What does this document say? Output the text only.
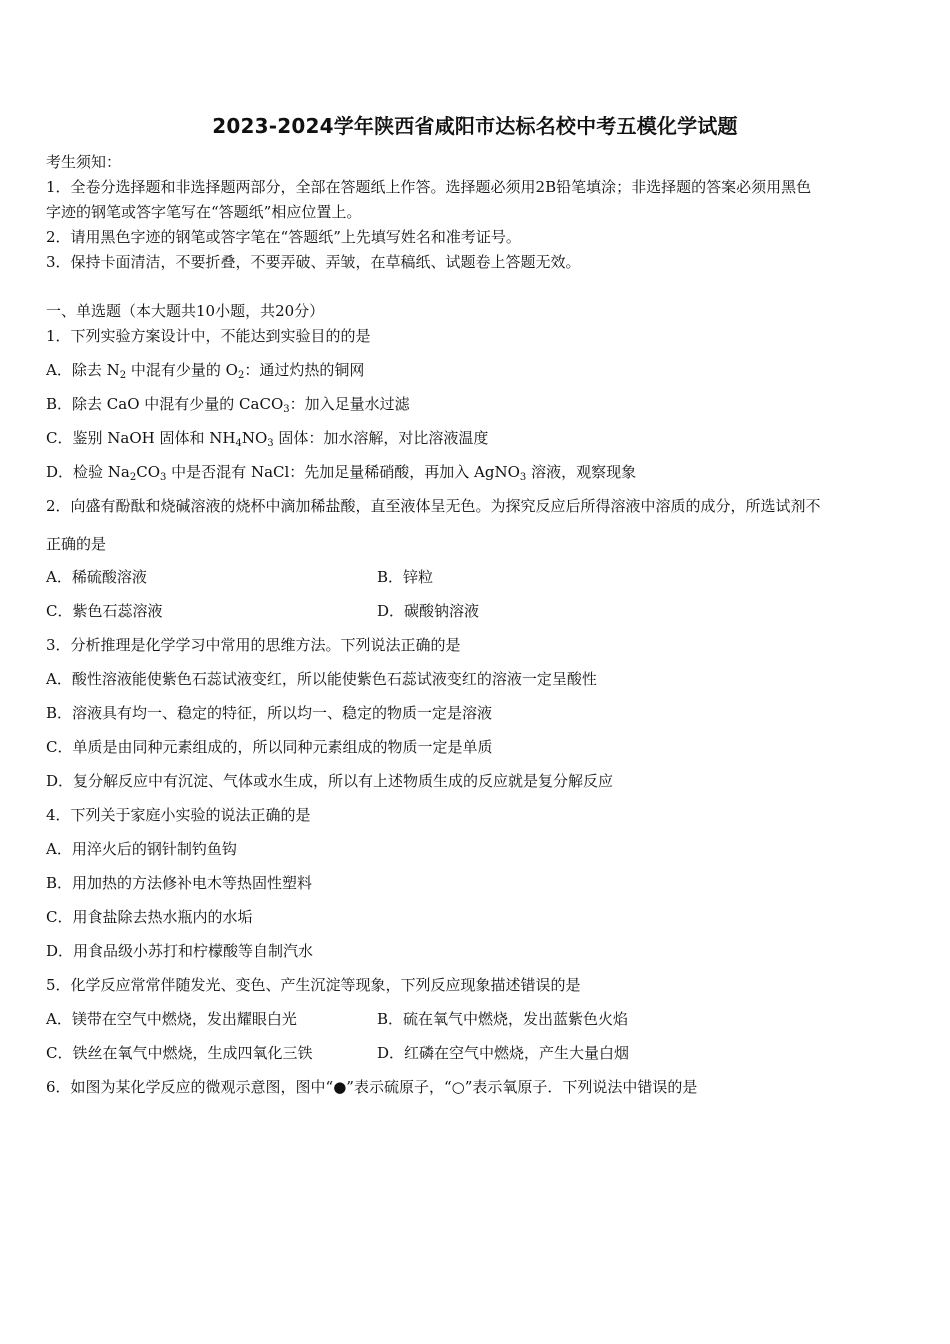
2023-2024学年陕西省咸阳市达标名校中考五模化学试题
考生须知：
1．全卷分选择题和非选择题两部分，全部在答题纸上作答。选择题必须用2B铅笔填涂；非选择题的答案必须用黑色
字迹的钢笔或答字笔写在“答题纸”相应位置上。
2．请用黑色字迹的钢笔或答字笔在“答题纸”上先填写姓名和准考证号。
3．保持卡面清洁，不要折叠，不要弄破、弄皱，在草稿纸、试题卷上答题无效。
一、单选题（本大题共10小题，共20分）
1．下列实验方案设计中，不能达到实验目的的是
A．除去 $N_2$ 中混有少量的 $O_2$：通过灼热的铜网
B．除去 CaO 中混有少量的 CaCO$_3$：加入足量水过滤
C．鉴别 NaOH 固体和 $NH_4NO_3$ 固体：加水溶解，对比溶液温度
D．检验 $Na_2CO_3$ 中是否混有 NaCl：先加足量稀硝酸，再加入 AgNO$_3$ 溶液，观察现象
2．向盛有酚酞和烧碱溶液的烧杯中滴加稀盐酸，直至液体呈无色。为探究反应后所得溶液中溶质的成分，所选试剂不
正确的是
A．稀硫酸溶液	B．锌粒
C．紫色石蕊溶液	D．碳酸钠溶液
3．分析推理是化学学习中常用的思维方法。下列说法正确的是
A．酸性溶液能使紫色石蕊试液变红，所以能使紫色石蕊试液变红的溶液一定呈酸性
B．溶液具有均一、稳定的特征，所以均一、稳定的物质一定是溶液
C．单质是由同种元素组成的，所以同种元素组成的物质一定是单质
D．复分解反应中有沉淀、气体或水生成，所以有上述物质生成的反应就是复分解反应
4．下列关于家庭小实验的说法正确的是
A．用淬火后的钢针制钓鱼钩
B．用加热的方法修补电木等热固性塑料
C．用食盐除去热水瓶内的水垢
D．用食品级小苏打和柠檬酸等自制汽水
5．化学反应常常伴随发光、变色、产生沉淀等现象，下列反应现象描述错误的是
A．镁带在空气中燃烧，发出耀眼白光	B．硫在氧气中燃烧，发出蓝紫色火焰
C．铁丝在氧气中燃烧，生成四氧化三铁	D．红磷在空气中燃烧，产生大量白烟
6．如图为某化学反应的微观示意图，图中“●”表示硫原子，“○”表示氧原子．下列说法中错误的是
